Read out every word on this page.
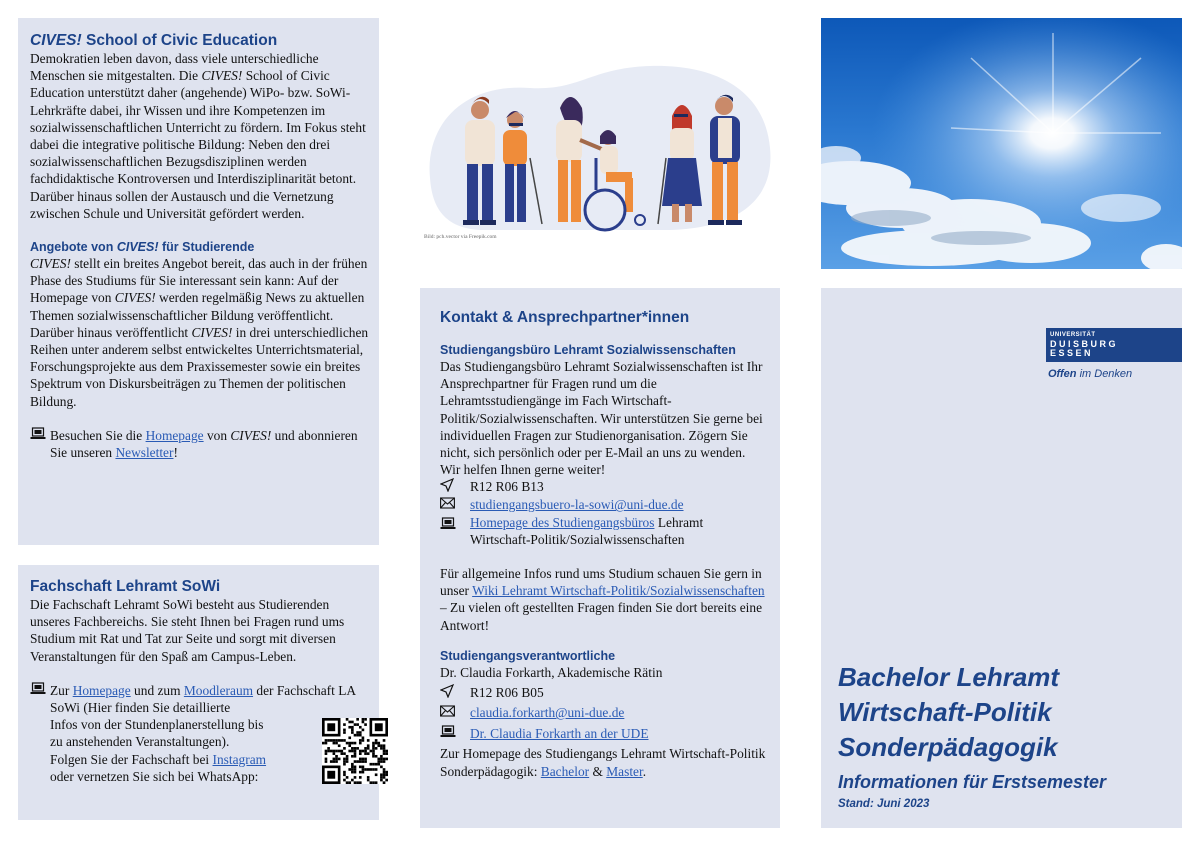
CIVES! School of Civic Education
Demokratien leben davon, dass viele unterschiedliche Menschen sie mitgestalten. Die CIVES! School of Civic Education unterstützt daher (angehende) WiPo- bzw. SoWi-Lehrkräfte dabei, ihr Wissen und ihre Kompetenzen im sozialwissenschaftlichen Unterricht zu fördern. Im Fokus steht dabei die integrative politische Bildung: Neben den drei sozialwissenschaftlichen Bezugsdisziplinen werden fachdidaktische Kontroversen und Interdisziplinarität betont. Darüber hinaus sollen der Austausch und die Vernetzung zwischen Schule und Universität gefördert werden.
Angebote von CIVES! für Studierende
CIVES! stellt ein breites Angebot bereit, das auch in der frühen Phase des Studiums für Sie interessant sein kann: Auf der Homepage von CIVES! werden regelmäßig News zu aktuellen Themen sozialwissenschaftlicher Bildung veröffentlicht. Darüber hinaus veröffentlicht CIVES! in drei unterschiedlichen Reihen unter anderem selbst entwickeltes Unterrichtsmaterial, Forschungsprojekte aus dem Praxissemester sowie ein breites Spektrum von Diskursbeiträgen zu Themen der politischen Bildung.
Besuchen Sie die Homepage von CIVES! und abonnieren Sie unseren Newsletter!
Fachschaft Lehramt SoWi
Die Fachschaft Lehramt SoWi besteht aus Studierenden unseres Fachbereichs. Sie steht Ihnen bei Fragen rund ums Studium mit Rat und Tat zur Seite und sorgt mit diversen Veranstaltungen für den Spaß am Campus-Leben.
Zur Homepage und zum Moodleraum der Fachschaft LA SoWi (Hier finden Sie detaillierte
Infos von der Stundenplanerstellung bis
zu anstehenden Veranstaltungen).
Folgen Sie der Fachschaft bei Instagram
oder vernetzen Sie sich bei WhatsApp:
Bild: pch.vector via Freepik.com
Kontakt & Ansprechpartner*innen
Studiengangsbüro Lehramt Sozialwissenschaften
Das Studiengangsbüro Lehramt Sozialwissenschaften ist Ihr Ansprechpartner für Fragen rund um die Lehramtsstudiengänge im Fach Wirtschaft-Politik/Sozialwissenschaften. Wir unterstützen Sie gerne bei individuellen Fragen zur Studienorganisation. Zögern Sie nicht, sich persönlich oder per E-Mail an uns zu wenden. Wir helfen Ihnen gerne weiter!
R12 R06 B13
studiengangsbuero-la-sowi@uni-due.de
Homepage des Studiengangsbüros Lehramt Wirtschaft-Politik/Sozialwissenschaften
Für allgemeine Infos rund ums Studium schauen Sie gern in unser Wiki Lehramt Wirtschaft-Politik/Sozialwissenschaften – Zu vielen oft gestellten Fragen finden Sie dort bereits eine Antwort!
Studiengangsverantwortliche
Dr. Claudia Forkarth, Akademische Rätin
R12 R06 B05
claudia.forkarth@uni-due.de
Dr. Claudia Forkarth an der UDE
Zur Homepage des Studiengangs Lehramt Wirtschaft-Politik Sonderpädagogik: Bachelor & Master.
UNIVERSITÄT
DUISBURG
ESSEN
Offen im Denken
Bachelor Lehramt
Wirtschaft-Politik
Sonderpädagogik
Informationen für Erstsemester
Stand: Juni 2023
